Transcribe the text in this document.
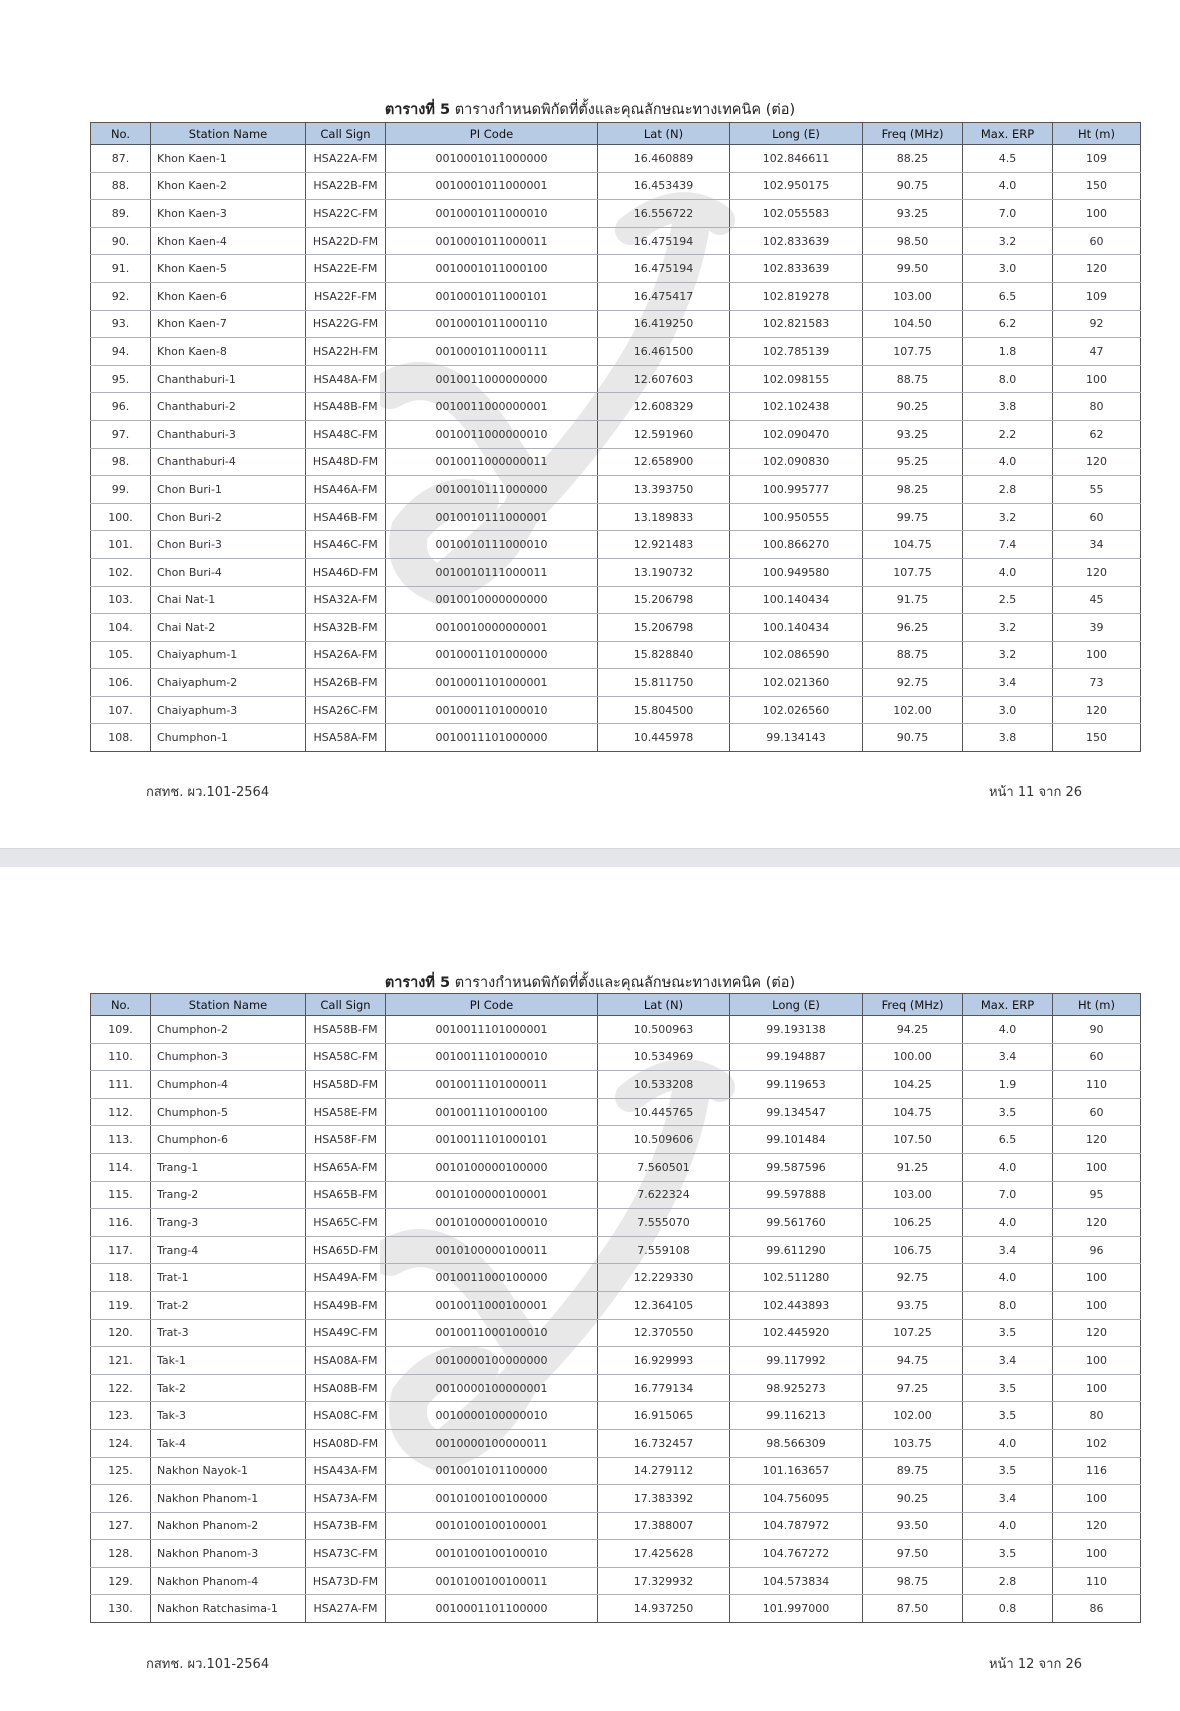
ตารางที่ 5 ตารางกำหนดพิกัดที่ตั้งและคุณลักษณะทางเทคนิค (ต่อ)
No.	Station Name	Call Sign	PI Code	Lat (N)	Long (E)	Freq (MHz)	Max. ERP	Ht (m)
87.	Khon Kaen-1	HSA22A-FM	0010001011000000	16.460889	102.846611	88.25	4.5	109
88.	Khon Kaen-2	HSA22B-FM	0010001011000001	16.453439	102.950175	90.75	4.0	150
89.	Khon Kaen-3	HSA22C-FM	0010001011000010	16.556722	102.055583	93.25	7.0	100
90.	Khon Kaen-4	HSA22D-FM	0010001011000011	16.475194	102.833639	98.50	3.2	60
91.	Khon Kaen-5	HSA22E-FM	0010001011000100	16.475194	102.833639	99.50	3.0	120
92.	Khon Kaen-6	HSA22F-FM	0010001011000101	16.475417	102.819278	103.00	6.5	109
93.	Khon Kaen-7	HSA22G-FM	0010001011000110	16.419250	102.821583	104.50	6.2	92
94.	Khon Kaen-8	HSA22H-FM	0010001011000111	16.461500	102.785139	107.75	1.8	47
95.	Chanthaburi-1	HSA48A-FM	0010011000000000	12.607603	102.098155	88.75	8.0	100
96.	Chanthaburi-2	HSA48B-FM	0010011000000001	12.608329	102.102438	90.25	3.8	80
97.	Chanthaburi-3	HSA48C-FM	0010011000000010	12.591960	102.090470	93.25	2.2	62
98.	Chanthaburi-4	HSA48D-FM	0010011000000011	12.658900	102.090830	95.25	4.0	120
99.	Chon Buri-1	HSA46A-FM	0010010111000000	13.393750	100.995777	98.25	2.8	55
100.	Chon Buri-2	HSA46B-FM	0010010111000001	13.189833	100.950555	99.75	3.2	60
101.	Chon Buri-3	HSA46C-FM	0010010111000010	12.921483	100.866270	104.75	7.4	34
102.	Chon Buri-4	HSA46D-FM	0010010111000011	13.190732	100.949580	107.75	4.0	120
103.	Chai Nat-1	HSA32A-FM	0010010000000000	15.206798	100.140434	91.75	2.5	45
104.	Chai Nat-2	HSA32B-FM	0010010000000001	15.206798	100.140434	96.25	3.2	39
105.	Chaiyaphum-1	HSA26A-FM	0010001101000000	15.828840	102.086590	88.75	3.2	100
106.	Chaiyaphum-2	HSA26B-FM	0010001101000001	15.811750	102.021360	92.75	3.4	73
107.	Chaiyaphum-3	HSA26C-FM	0010001101000010	15.804500	102.026560	102.00	3.0	120
108.	Chumphon-1	HSA58A-FM	0010011101000000	10.445978	99.134143	90.75	3.8	150
กสทช. ผว.101-2564	หน้า 11 จาก 26
ตารางที่ 5 ตารางกำหนดพิกัดที่ตั้งและคุณลักษณะทางเทคนิค (ต่อ)
No.	Station Name	Call Sign	PI Code	Lat (N)	Long (E)	Freq (MHz)	Max. ERP	Ht (m)
109.	Chumphon-2	HSA58B-FM	0010011101000001	10.500963	99.193138	94.25	4.0	90
110.	Chumphon-3	HSA58C-FM	0010011101000010	10.534969	99.194887	100.00	3.4	60
111.	Chumphon-4	HSA58D-FM	0010011101000011	10.533208	99.119653	104.25	1.9	110
112.	Chumphon-5	HSA58E-FM	0010011101000100	10.445765	99.134547	104.75	3.5	60
113.	Chumphon-6	HSA58F-FM	0010011101000101	10.509606	99.101484	107.50	6.5	120
114.	Trang-1	HSA65A-FM	0010100000100000	7.560501	99.587596	91.25	4.0	100
115.	Trang-2	HSA65B-FM	0010100000100001	7.622324	99.597888	103.00	7.0	95
116.	Trang-3	HSA65C-FM	0010100000100010	7.555070	99.561760	106.25	4.0	120
117.	Trang-4	HSA65D-FM	0010100000100011	7.559108	99.611290	106.75	3.4	96
118.	Trat-1	HSA49A-FM	0010011000100000	12.229330	102.511280	92.75	4.0	100
119.	Trat-2	HSA49B-FM	0010011000100001	12.364105	102.443893	93.75	8.0	100
120.	Trat-3	HSA49C-FM	0010011000100010	12.370550	102.445920	107.25	3.5	120
121.	Tak-1	HSA08A-FM	0010000100000000	16.929993	99.117992	94.75	3.4	100
122.	Tak-2	HSA08B-FM	0010000100000001	16.779134	98.925273	97.25	3.5	100
123.	Tak-3	HSA08C-FM	0010000100000010	16.915065	99.116213	102.00	3.5	80
124.	Tak-4	HSA08D-FM	0010000100000011	16.732457	98.566309	103.75	4.0	102
125.	Nakhon Nayok-1	HSA43A-FM	0010010101100000	14.279112	101.163657	89.75	3.5	116
126.	Nakhon Phanom-1	HSA73A-FM	0010100100100000	17.383392	104.756095	90.25	3.4	100
127.	Nakhon Phanom-2	HSA73B-FM	0010100100100001	17.388007	104.787972	93.50	4.0	120
128.	Nakhon Phanom-3	HSA73C-FM	0010100100100010	17.425628	104.767272	97.50	3.5	100
129.	Nakhon Phanom-4	HSA73D-FM	0010100100100011	17.329932	104.573834	98.75	2.8	110
130.	Nakhon Ratchasima-1	HSA27A-FM	0010001101100000	14.937250	101.997000	87.50	0.8	86
กสทช. ผว.101-2564	หน้า 12 จาก 26
